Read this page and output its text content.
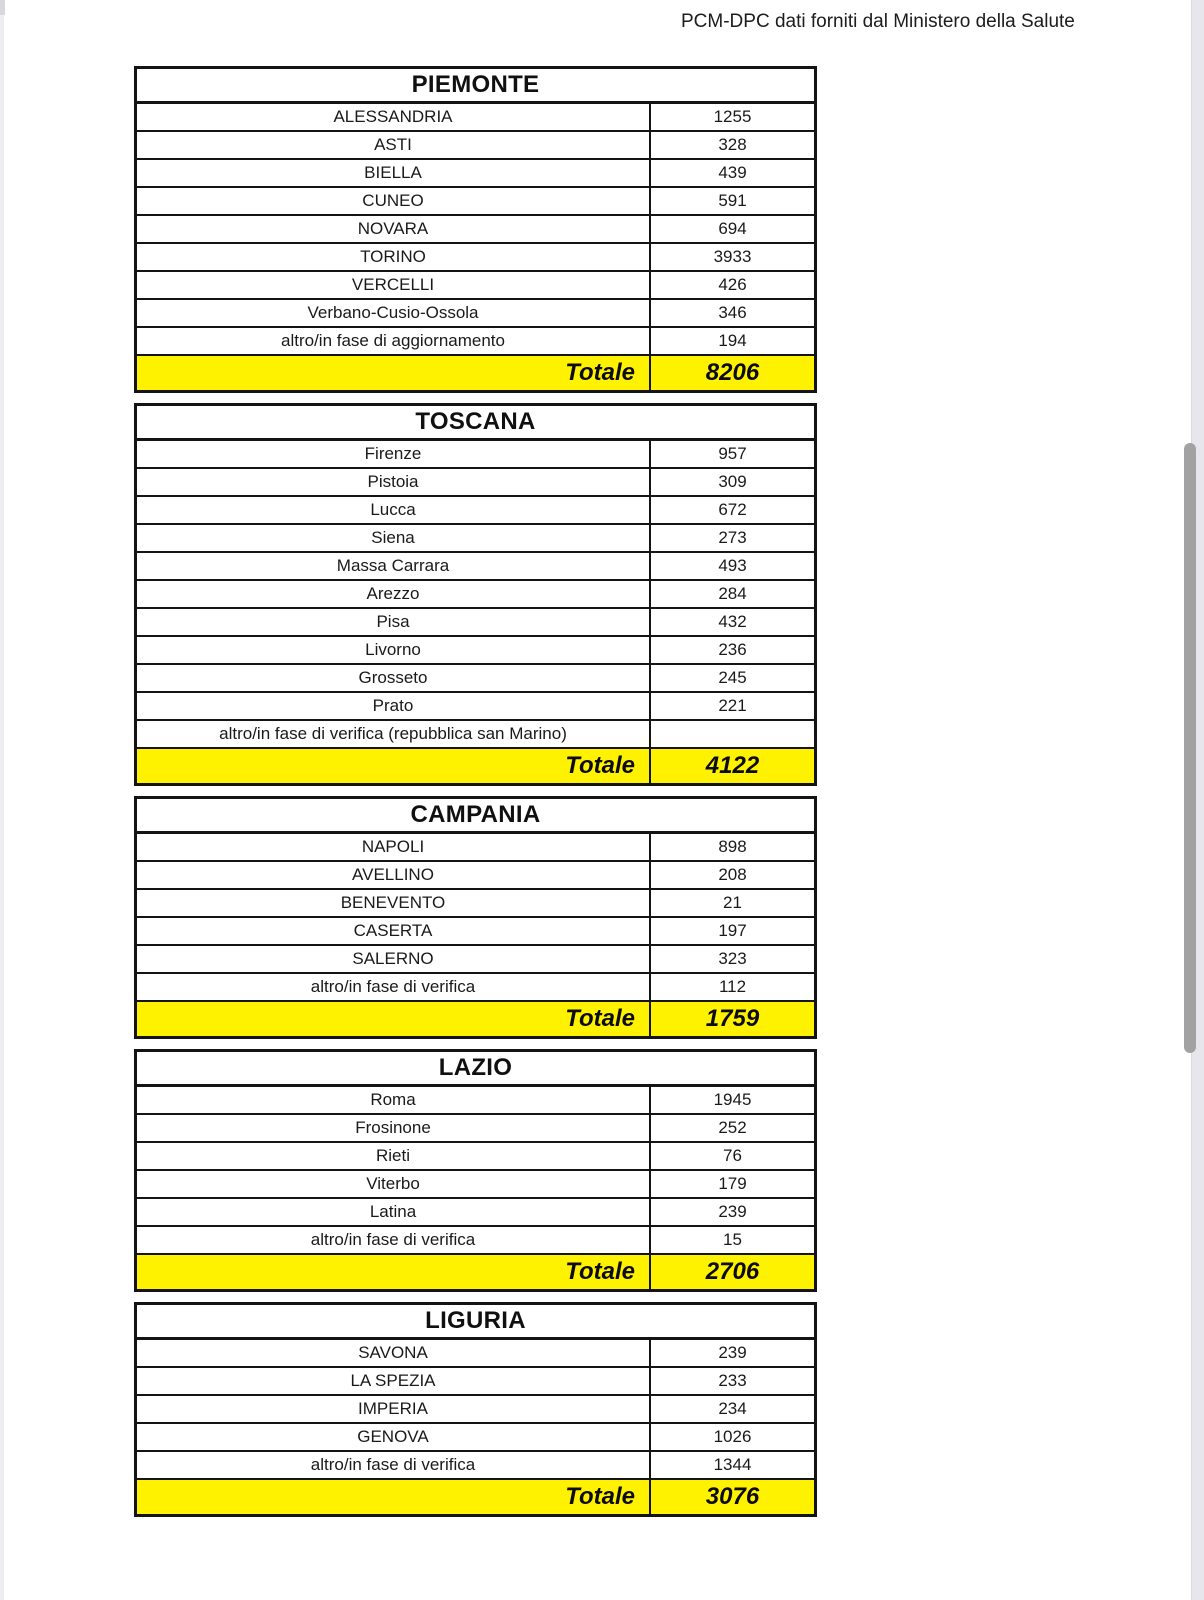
PCM-DPC dati forniti dal Ministero della Salute
PIEMONTE
ALESSANDRIA	1255
ASTI	328
BIELLA	439
CUNEO	591
NOVARA	694
TORINO	3933
VERCELLI	426
Verbano-Cusio-Ossola	346
altro/in fase di aggiornamento	194
Totale	8206
TOSCANA
Firenze	957
Pistoia	309
Lucca	672
Siena	273
Massa Carrara	493
Arezzo	284
Pisa	432
Livorno	236
Grosseto	245
Prato	221
altro/in fase di verifica (repubblica san Marino)
Totale	4122
CAMPANIA
NAPOLI	898
AVELLINO	208
BENEVENTO	21
CASERTA	197
SALERNO	323
altro/in fase di verifica	112
Totale	1759
LAZIO
Roma	1945
Frosinone	252
Rieti	76
Viterbo	179
Latina	239
altro/in fase di verifica	15
Totale	2706
LIGURIA
SAVONA	239
LA SPEZIA	233
IMPERIA	234
GENOVA	1026
altro/in fase di verifica	1344
Totale	3076
